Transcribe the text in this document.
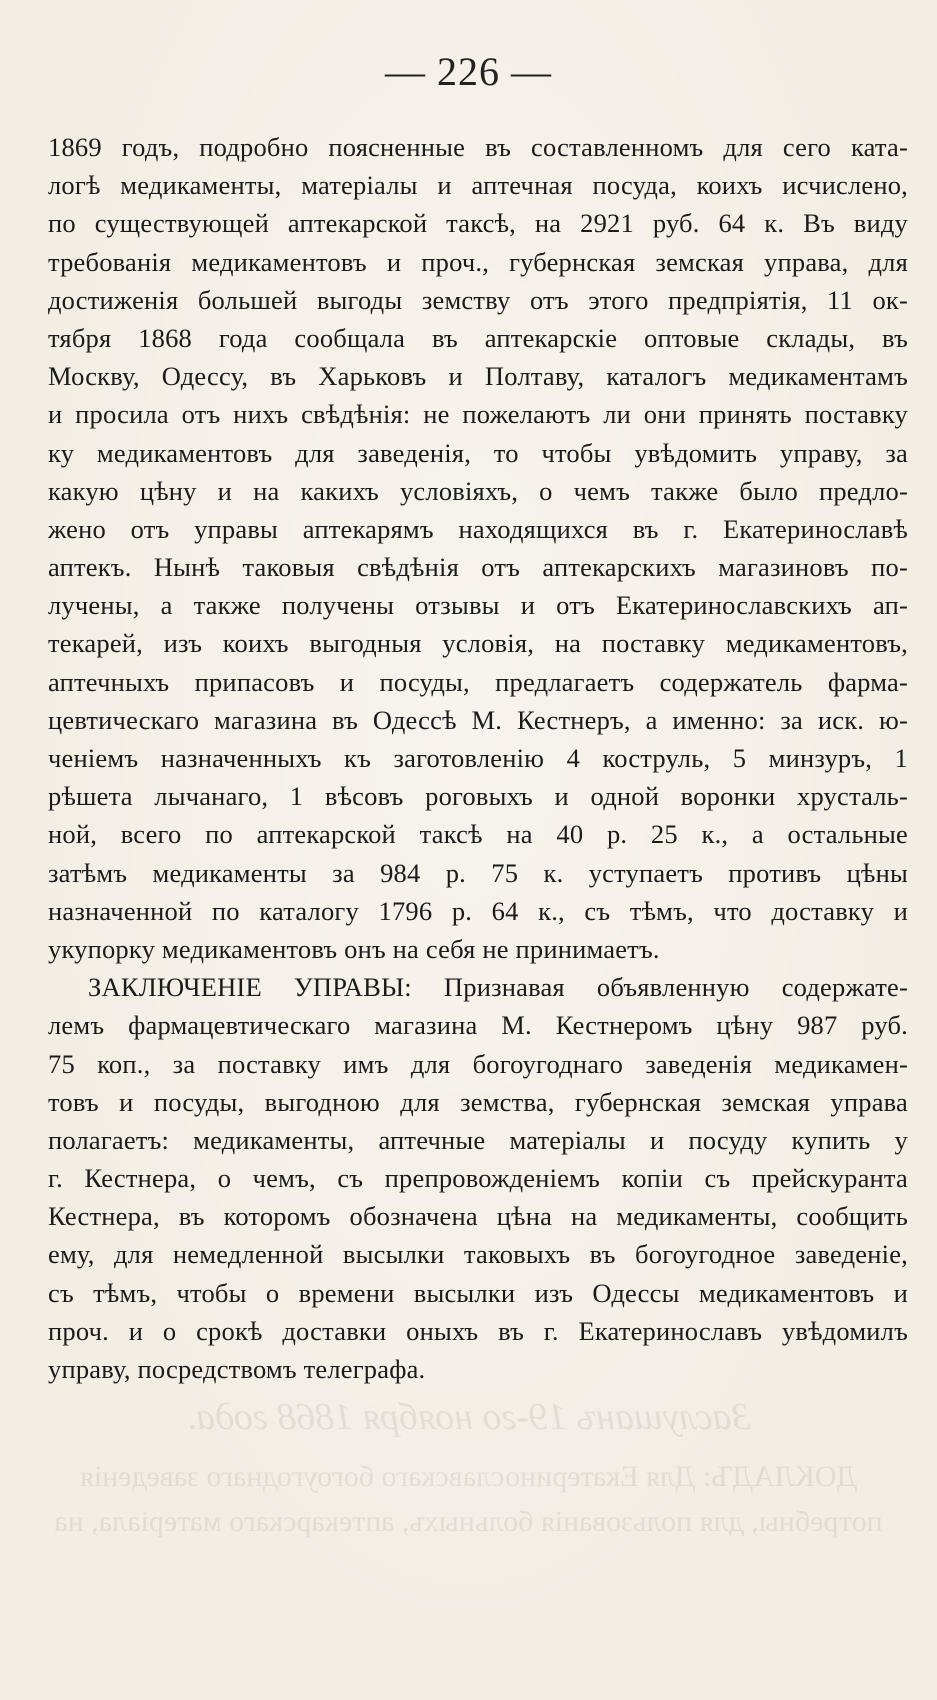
Заслушанъ 19-го ноября 1868 года.
ДОКЛАДЪ: Для Екатеринославскаго богоугоднаго заведенія
потребны, для пользованія больныхъ, аптекарскаго матеріала, на
— 226 —
1869 годъ, подробно поясненные въ составленномъ для сего ката-
логѣ медикаменты, матеріалы и аптечная посуда, коихъ исчислено,
по существующей аптекарской таксѣ, на 2921 руб. 64 к. Въ виду
требованія медикаментовъ и проч., губернская земская управа, для
достиженія большей выгоды земству отъ этого предпріятія, 11 ок-
тября 1868 года сообщала въ аптекарскіе оптовые склады, въ
Москву, Одессу, въ Харьковъ и Полтаву, каталогъ медикаментамъ
и просила отъ нихъ свѣдѣнія: не пожелаютъ ли они принять поставку
ку медикаментовъ для заведенія, то чтобы увѣдомить управу, за
какую цѣну и на какихъ условіяхъ, о чемъ также было предло-
жено отъ управы аптекарямъ находящихся въ г. Екатеринославѣ
аптекъ. Нынѣ таковыя свѣдѣнія отъ аптекарскихъ магазиновъ по-
лучены, а также получены отзывы и отъ Екатеринославскихъ ап-
текарей, изъ коихъ выгодныя условія, на поставку медикаментовъ,
аптечныхъ припасовъ и посуды, предлагаетъ содержатель фарма-
цевтическаго магазина въ Одессѣ М. Кестнеръ, а именно: за иск. ю-
ченіемъ назначенныхъ къ заготовленію 4 коструль, 5 минзуръ, 1
рѣшета лычанаго, 1 вѣсовъ роговыхъ и одной воронки хрусталь-
ной, всего по аптекарской таксѣ на 40 р. 25 к., а остальные
затѣмъ медикаменты за 984 р. 75 к. уступаетъ противъ цѣны
назначенной по каталогу 1796 р. 64 к., съ тѣмъ, что доставку и
укупорку медикаментовъ онъ на себя не принимаетъ.
ЗАКЛЮЧЕНІЕ УПРАВЫ: Признавая объявленную содержате-
лемъ фармацевтическаго магазина М. Кестнеромъ цѣну 987 руб.
75 коп., за поставку имъ для богоугоднаго заведенія медикамен-
товъ и посуды, выгодною для земства, губернская земская управа
полагаетъ: медикаменты, аптечные матеріалы и посуду купить у
г. Кестнера, о чемъ, съ препровожденіемъ копіи съ прейскуранта
Кестнера, въ которомъ обозначена цѣна на медикаменты, сообщить
ему, для немедленной высылки таковыхъ въ богоугодное заведеніе,
съ тѣмъ, чтобы о времени высылки изъ Одессы медикаментовъ и
проч. и о срокѣ доставки оныхъ въ г. Екатеринославъ увѣдомилъ
управу, посредствомъ телеграфа.
